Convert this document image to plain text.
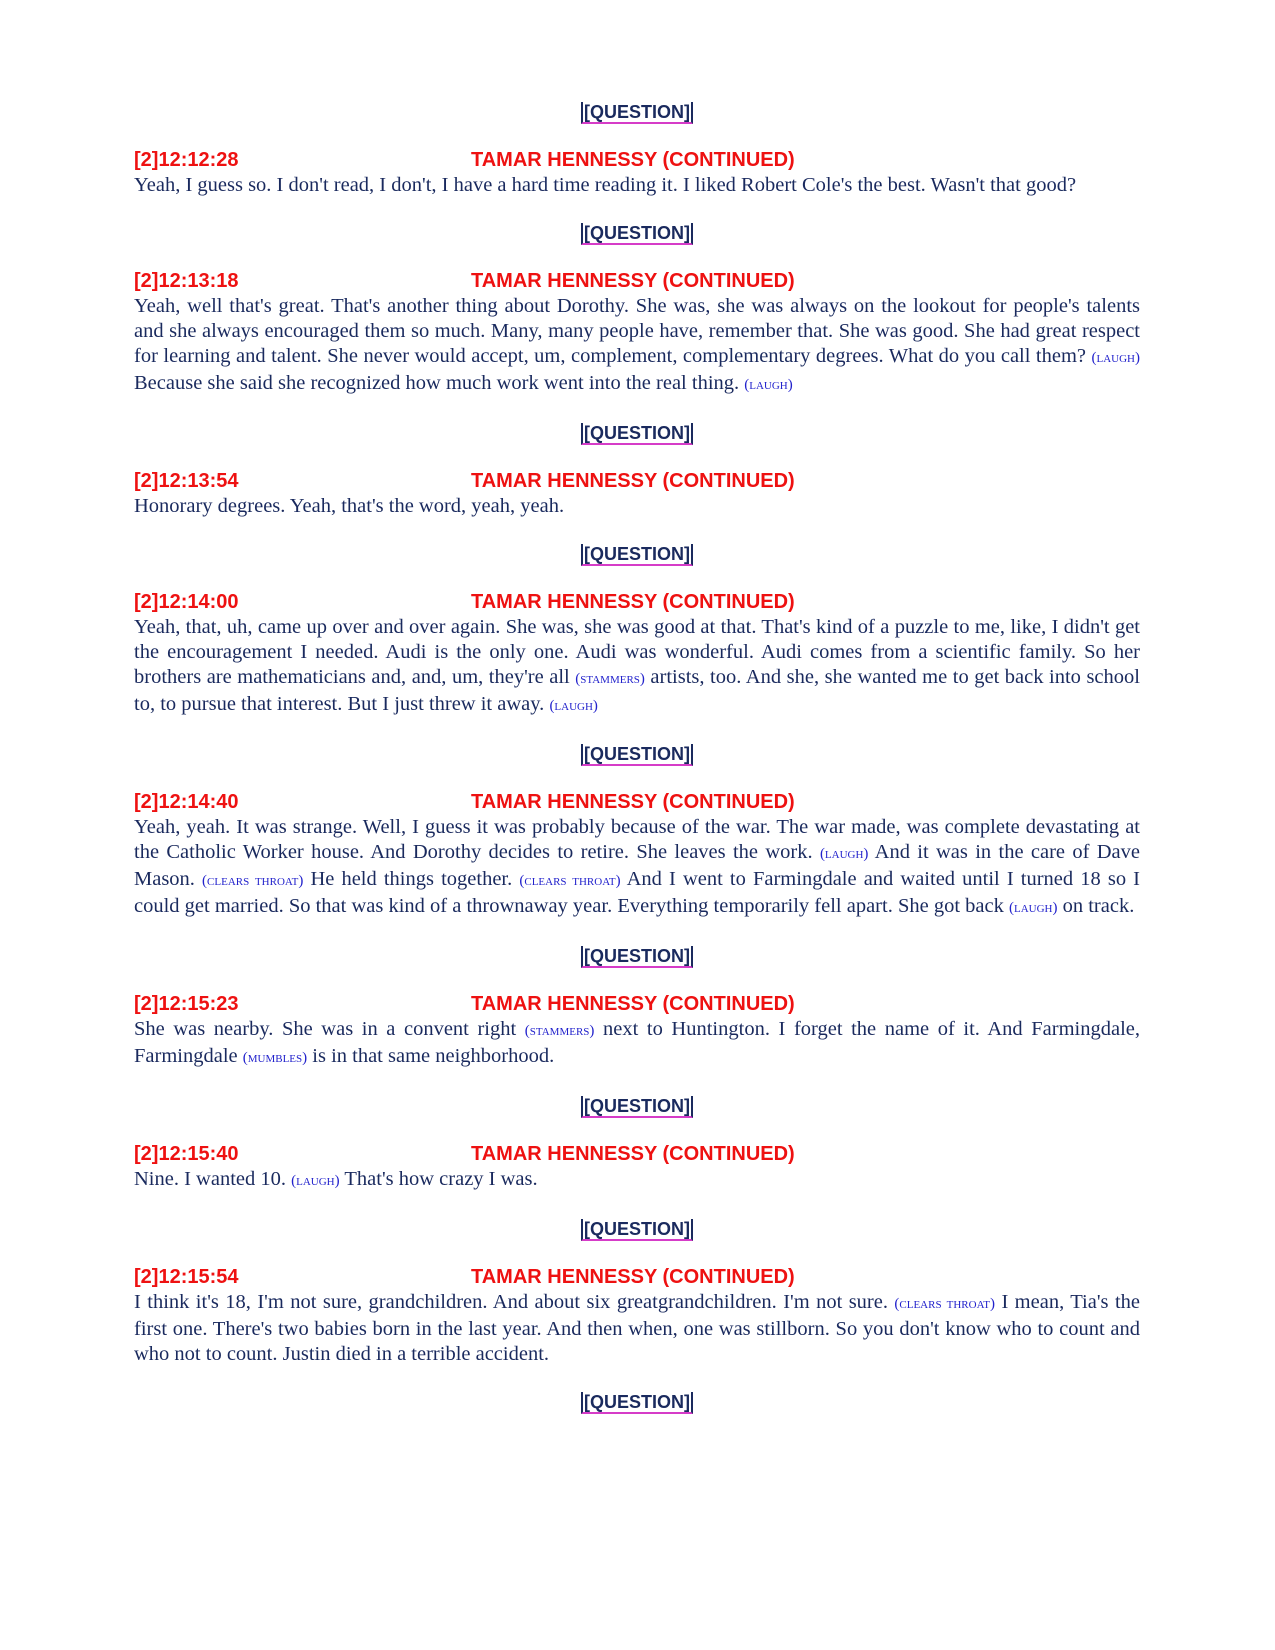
[QUESTION]
[2]12:12:28	TAMAR HENNESSY (CONTINUED)

Yeah, I guess so. I don't read, I don't, I have a hard time reading it. I liked Robert Cole's the best. Wasn't that good?

[QUESTION]
[2]12:13:18	TAMAR HENNESSY (CONTINUED)

Yeah, well that's great. That's another thing about Dorothy. She was, she was always on the lookout for people's talents and she always encouraged them so much. Many, many people have, remember that. She was good. She had great respect for learning and talent. She never would accept, um, complement, complementary degrees. What do you call them? (laugh) Because she said she recognized how much work went into the real thing. (laugh)

[QUESTION]
[2]12:13:54	TAMAR HENNESSY (CONTINUED)

Honorary degrees. Yeah, that's the word, yeah, yeah.

[QUESTION]
[2]12:14:00	TAMAR HENNESSY (CONTINUED)

Yeah, that, uh, came up over and over again. She was, she was good at that. That's kind of a puzzle to me, like, I didn't get the encouragement I needed. Audi is the only one. Audi was wonderful. Audi comes from a scientific family. So her brothers are mathematicians and, and, um, they're all (stammers) artists, too. And she, she wanted me to get back into school to, to pursue that interest. But I just threw it away. (laugh)

[QUESTION]
[2]12:14:40	TAMAR HENNESSY (CONTINUED)

Yeah, yeah. It was strange. Well, I guess it was probably because of the war. The war made, was complete devastating at the Catholic Worker house. And Dorothy decides to retire. She leaves the work. (laugh) And it was in the care of Dave Mason. (clears throat) He held things together. (clears throat) And I went to Farmingdale and waited until I turned 18 so I could get married. So that was kind of a thrownaway year. Everything temporarily fell apart. She got back (laugh) on track.

[QUESTION]
[2]12:15:23	TAMAR HENNESSY (CONTINUED)

She was nearby. She was in a convent right (stammers) next to Huntington. I forget the name of it. And Farmingdale, Farmingdale (mumbles) is in that same neighborhood.

[QUESTION]
[2]12:15:40	TAMAR HENNESSY (CONTINUED)

Nine. I wanted 10. (laugh) That's how crazy I was.

[QUESTION]
[2]12:15:54	TAMAR HENNESSY (CONTINUED)

I think it's 18, I'm not sure, grandchildren. And about six greatgrandchildren. I'm not sure. (clears throat) I mean, Tia's the first one. There's two babies born in the last year. And then when, one was stillborn. So you don't know who to count and who not to count. Justin died in a terrible accident.

[QUESTION]
